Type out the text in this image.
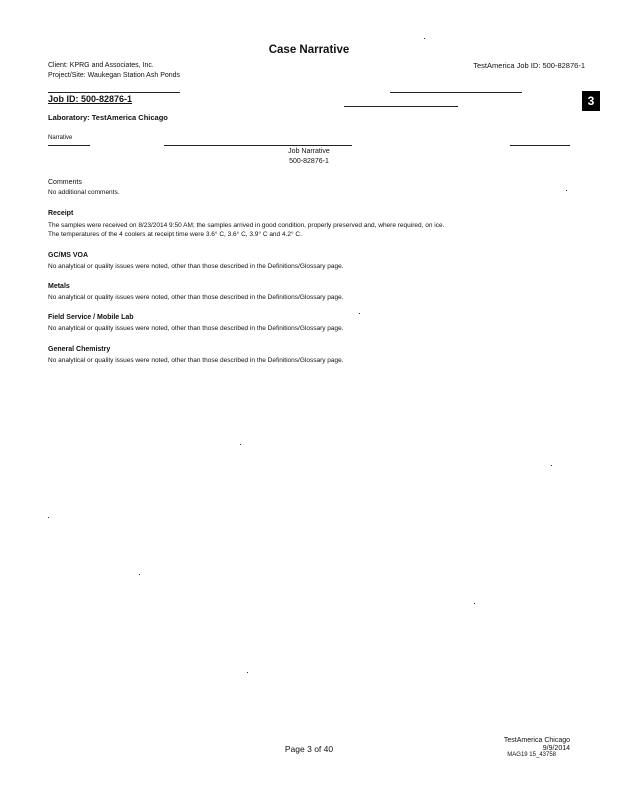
Case Narrative
Client: KPRG and Associates, Inc.
Project/Site: Waukegan Station Ash Ponds
TestAmerica Job ID: 500-82876-1
3
Job ID: 500-82876-1
Laboratory: TestAmerica Chicago
Narrative
Job Narrative
500-82876-1
Comments
No additional comments.
Receipt
The samples were received on 8/23/2014 9:50 AM; the samples arrived in good condition, properly preserved and, where required, on ice.
The temperatures of the 4 coolers at receipt time were 3.6° C, 3.6° C, 3.9° C and 4.2° C.
GC/MS VOA
No analytical or quality issues were noted, other than those described in the Definitions/Glossary page.
Metals
No analytical or quality issues were noted, other than those described in the Definitions/Glossary page.
Field Service / Mobile Lab
No analytical or quality issues were noted, other than those described in the Definitions/Glossary page.
General Chemistry
No analytical or quality issues were noted, other than those described in the Definitions/Glossary page.
Page 3 of 40
TestAmerica Chicago
9/9/2014
MAG19 15_43758
